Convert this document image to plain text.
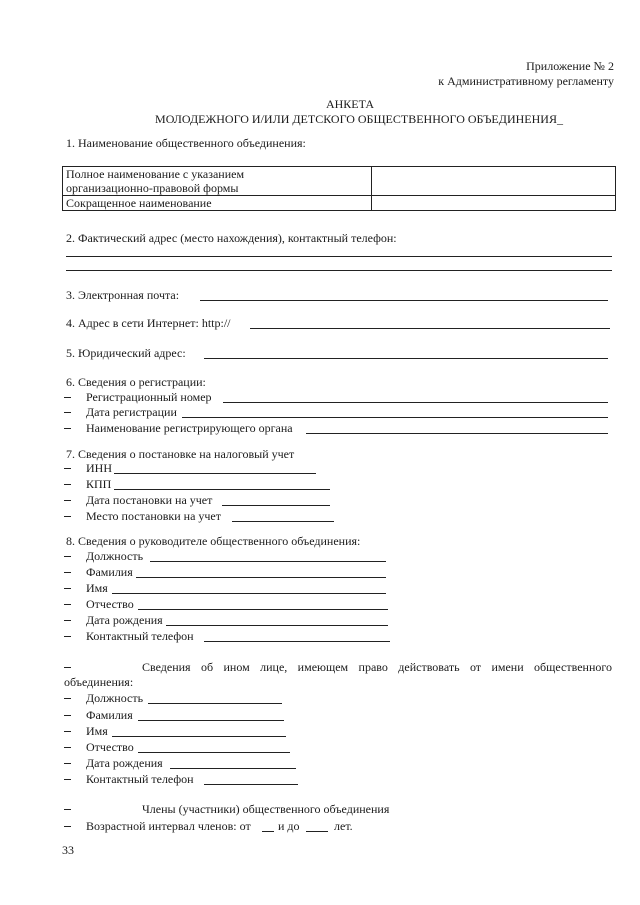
Приложение № 2
к Административному регламенту
АНКЕТА
МОЛОДЕЖНОГО И/ИЛИ ДЕТСКОГО ОБЩЕСТВЕННОГО ОБЪЕДИНЕНИЯ_
1. Наименование общественного объединения:
Полное наименование с указанием
организационно-правовой формы	

Сокращенное наименование	
2. Фактический адрес (место нахождения), контактный телефон:
3. Электронная почта:
4. Адрес в сети Интернет: http://
5. Юридический адрес:
6. Сведения о регистрации:
Регистрационный номер
Дата регистрации
Наименование регистрирующего органа
7. Сведения о постановке на налоговый учет
ИНН
КПП
Дата постановки на учет
Место постановки на учет
8. Сведения о руководителе общественного объединения:
Должность
Фамилия
Имя
Отчество
Дата рождения
Контактный телефон
Сведения об ином лице, имеющем право действовать от имени общественного
объединения:
Должность
Фамилия
Имя
Отчество
Дата рождения
Контактный телефон
Члены (участники) общественного объединения
Возрастной интервал членов: от и до	лет.
33
